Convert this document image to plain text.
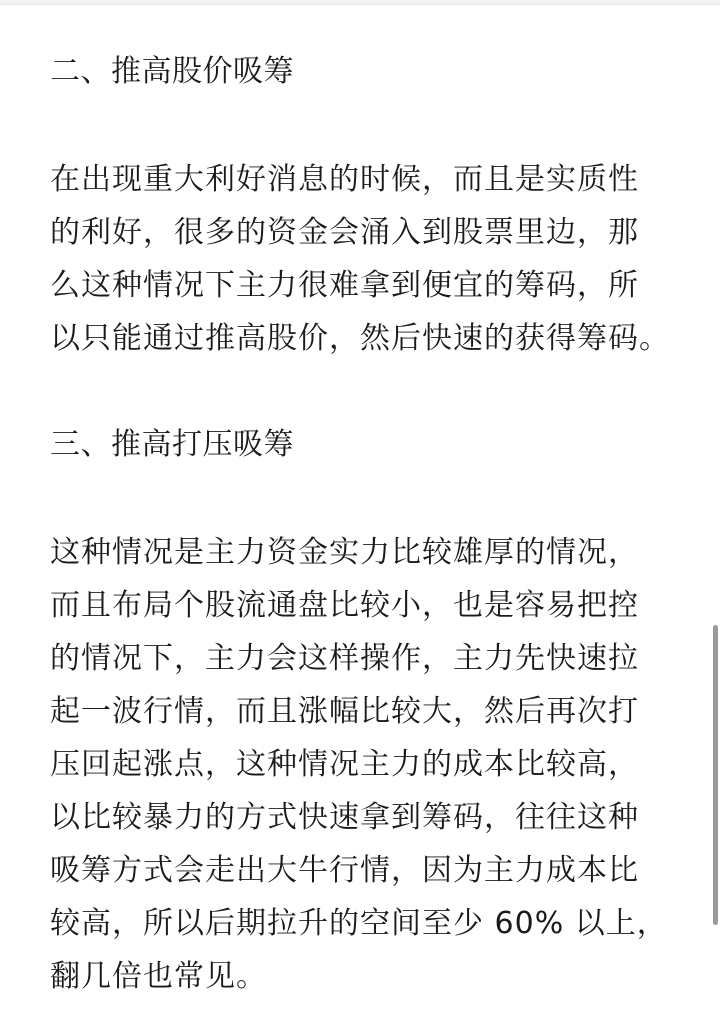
二、推高股价吸筹

在出现重大利好消息的时候，而且是实质性
的利好，很多的资金会涌入到股票里边，那
么这种情况下主力很难拿到便宜的筹码，所
以只能通过推高股价，然后快速的获得筹码。

三、推高打压吸筹

这种情况是主力资金实力比较雄厚的情况，
而且布局个股流通盘比较小，也是容易把控
的情况下，主力会这样操作，主力先快速拉
起一波行情，而且涨幅比较大，然后再次打
压回起涨点，这种情况主力的成本比较高，
以比较暴力的方式快速拿到筹码，往往这种
吸筹方式会走出大牛行情，因为主力成本比
较高，所以后期拉升的空间至少 60% 以上，
翻几倍也常见。
